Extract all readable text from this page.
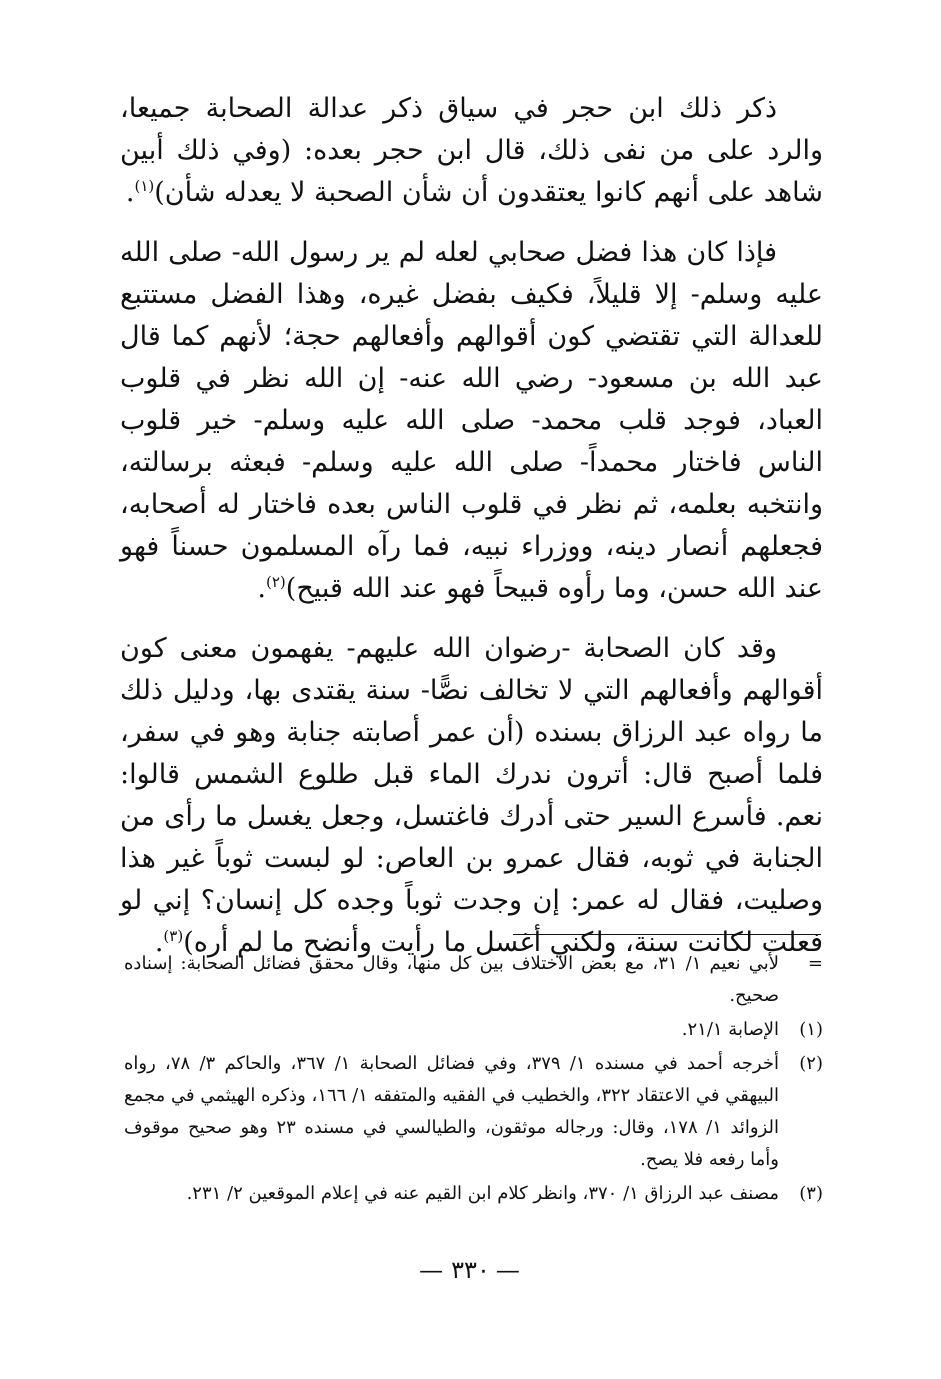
ذكر ذلك ابن حجر في سياق ذكر عدالة الصحابة جميعا، والرد على من نفى ذلك، قال ابن حجر بعده: (وفي ذلك أبين شاهد على أنهم كانوا يعتقدون أن شأن الصحبة لا يعدله شأن)$^{(١)}$.

فإذا كان هذا فضل صحابي لعله لم ير رسول الله- صلى الله عليه وسلم- إلا قليلاً، فكيف بفضل غيره، وهذا الفضل مستتبع للعدالة التي تقتضي كون أقوالهم وأفعالهم حجة؛ لأنهم كما قال عبد الله بن مسعود- رضي الله عنه- إن الله نظر في قلوب العباد، فوجد قلب محمد- صلى الله عليه وسلم- خير قلوب الناس فاختار محمداً- صلى الله عليه وسلم- فبعثه برسالته، وانتخبه بعلمه، ثم نظر في قلوب الناس بعده فاختار له أصحابه، فجعلهم أنصار دينه، ووزراء نبيه، فما رآه المسلمون حسناً فهو عند الله حسن، وما رأوه قبيحاً فهو عند الله قبيح)$^{(٢)}$.

وقد كان الصحابة -رضوان الله عليهم- يفهمون معنى كون أقوالهم وأفعالهم التي لا تخالف نصًّا- سنة يقتدى بها، ودليل ذلك ما رواه عبد الرزاق بسنده (أن عمر أصابته جنابة وهو في سفر، فلما أصبح قال: أترون ندرك الماء قبل طلوع الشمس قالوا: نعم. فأسرع السير حتى أدرك فاغتسل، وجعل يغسل ما رأى من الجنابة في ثوبه، فقال عمرو بن العاص: لو لبست ثوباً غير هذا وصليت، فقال له عمر: إن وجدت ثوباً وجده كل إنسان؟ إني لو فعلت لكانت سنة، ولكني أغسل ما رأيت وأنضح ما لم أره)$^{(٣)}$.

=
لأبي نعيم ١/ ٣١، مع بعض الاختلاف بين كل منها، وقال محقق فضائل الصحابة: إسناده صحيح.
(١)
الإصابة ٢١/١.
(٢)
أخرجه أحمد في مسنده ١/ ٣٧٩، وفي فضائل الصحابة ١/ ٣٦٧، والحاكم ٣/ ٧٨، رواه البيهقي في الاعتقاد ٣٢٢، والخطيب في الفقيه والمتفقه ١/ ١٦٦، وذكره الهيثمي في مجمع الزوائد ١/ ١٧٨، وقال: ورجاله موثقون، والطيالسي في مسنده ٢٣ وهو صحيح موقوف وأما رفعه فلا يصح.
(٣)
مصنف عبد الرزاق ١/ ٣٧٠، وانظر كلام ابن القيم عنه في إعلام الموقعين ٢/ ٢٣١.
—٣٣٠—
